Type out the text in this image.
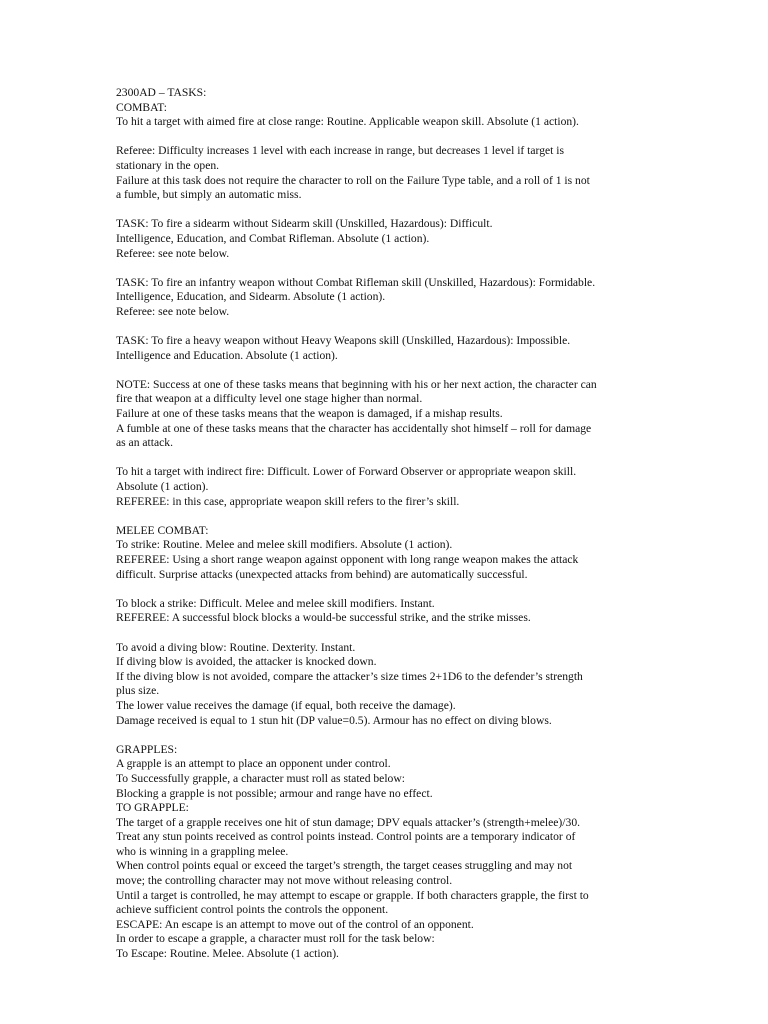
2300AD – TASKS:
COMBAT:
To hit a target with aimed fire at close range: Routine. Applicable weapon skill. Absolute (1 action).
Referee: Difficulty increases 1 level with each increase in range, but decreases 1 level if target is
stationary in the open.
Failure at this task does not require the character to roll on the Failure Type table, and a roll of 1 is not
a fumble, but simply an automatic miss.
TASK: To fire a sidearm without Sidearm skill (Unskilled, Hazardous): Difficult.
Intelligence, Education, and Combat Rifleman. Absolute (1 action).
Referee: see note below.
TASK: To fire an infantry weapon without Combat Rifleman skill (Unskilled, Hazardous): Formidable.
Intelligence, Education, and Sidearm. Absolute (1 action).
Referee: see note below.
TASK: To fire a heavy weapon without Heavy Weapons skill (Unskilled, Hazardous): Impossible.
Intelligence and Education. Absolute (1 action).
NOTE: Success at one of these tasks means that beginning with his or her next action, the character can
fire that weapon at a difficulty level one stage higher than normal.
Failure at one of these tasks means that the weapon is damaged, if a mishap results.
A fumble at one of these tasks means that the character has accidentally shot himself – roll for damage
as an attack.
To hit a target with indirect fire: Difficult. Lower of Forward Observer or appropriate weapon skill.
Absolute (1 action).
REFEREE: in this case, appropriate weapon skill refers to the firer’s skill.
MELEE COMBAT:
To strike: Routine. Melee and melee skill modifiers. Absolute (1 action).
REFEREE: Using a short range weapon against opponent with long range weapon makes the attack
difficult. Surprise attacks (unexpected attacks from behind) are automatically successful.
To block a strike: Difficult. Melee and melee skill modifiers. Instant.
REFEREE: A successful block blocks a would-be successful strike, and the strike misses.
To avoid a diving blow: Routine. Dexterity. Instant.
If diving blow is avoided, the attacker is knocked down.
If the diving blow is not avoided, compare the attacker’s size times 2+1D6 to the defender’s strength
plus size.
The lower value receives the damage (if equal, both receive the damage).
Damage received is equal to 1 stun hit (DP value=0.5). Armour has no effect on diving blows.
GRAPPLES:
A grapple is an attempt to place an opponent under control.
To Successfully grapple, a character must roll as stated below:
Blocking a grapple is not possible; armour and range have no effect.
TO GRAPPLE:
The target of a grapple receives one hit of stun damage; DPV equals attacker’s (strength+melee)/30.
Treat any stun points received as control points instead. Control points are a temporary indicator of
who is winning in a grappling melee.
When control points equal or exceed the target’s strength, the target ceases struggling and may not
move; the controlling character may not move without releasing control.
Until a target is controlled, he may attempt to escape or grapple. If both characters grapple, the first to
achieve sufficient control points the controls the opponent.
ESCAPE: An escape is an attempt to move out of the control of an opponent.
In order to escape a grapple, a character must roll for the task below:
To Escape: Routine. Melee. Absolute (1 action).
